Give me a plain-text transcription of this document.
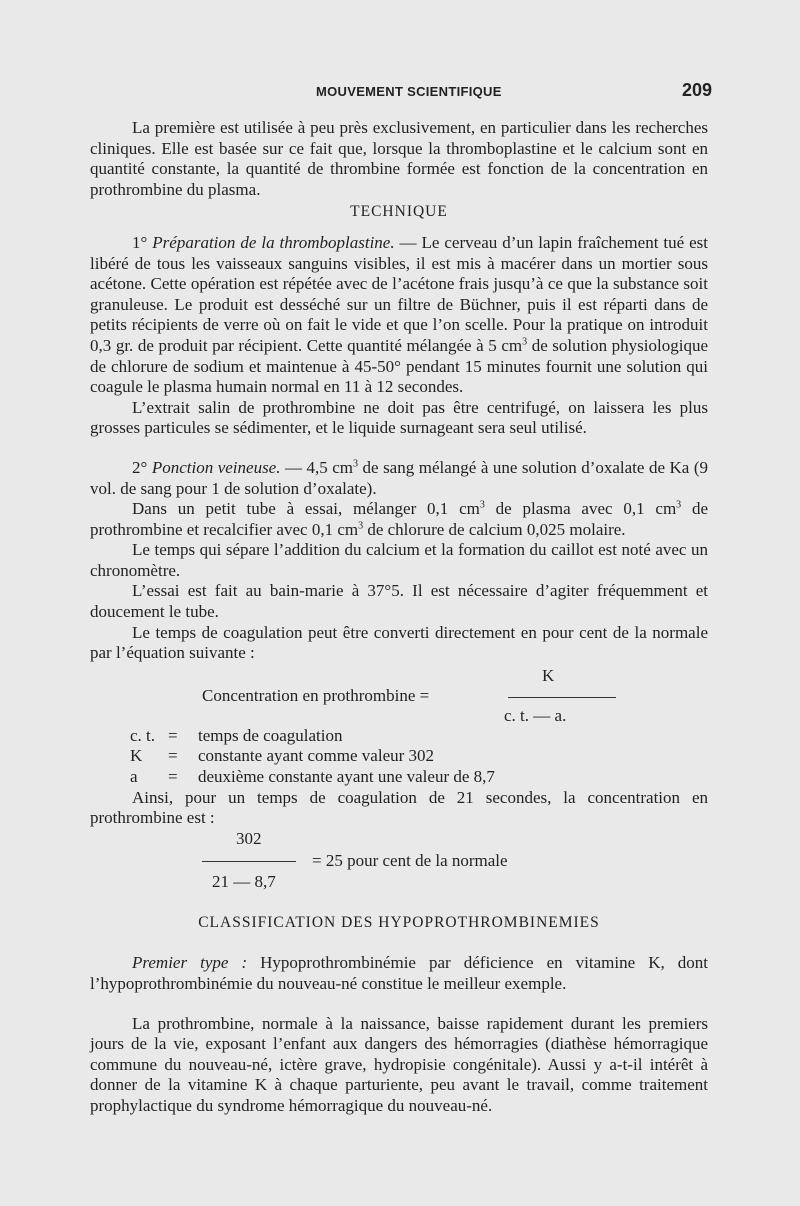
MOUVEMENT SCIENTIFIQUE	209

La première est utilisée à peu près exclusivement, en particulier dans les recherches cliniques. Elle est basée sur ce fait que, lorsque la thromboplastine et le calcium sont en quantité constante, la quantité de thrombine formée est fonction de la concentration en prothrombine du plasma.

TECHNIQUE

1° Préparation de la thromboplastine. — Le cerveau d’un lapin fraîchement tué est libéré de tous les vaisseaux sanguins visibles, il est mis à macérer dans un mortier sous acétone. Cette opération est répétée avec de l’acétone frais jusqu’à ce que la substance soit granuleuse. Le produit est desséché sur un filtre de Büchner, puis il est réparti dans de petits récipients de verre où on fait le vide et que l’on scelle. Pour la pratique on introduit 0,3 gr. de produit par récipient. Cette quantité mélangée à 5 $cm^3$ de solution physiologique de chlorure de sodium et maintenue à 45-50° pendant 15 minutes fournit une solution qui coagule le plasma humain normal en 11 à 12 secondes.

L’extrait salin de prothrombine ne doit pas être centrifugé, on laissera les plus grosses particules se sédimenter, et le liquide surnageant sera seul utilisé.

2° Ponction veineuse. — 4,5 $cm^3$ de sang mélangé à une solution d’oxalate de Ka (9 vol. de sang pour 1 de solution d’oxalate).

Dans un petit tube à essai, mélanger 0,1 $cm^3$ de plasma avec 0,1 $cm^3$ de prothrombine et recalcifier avec 0,1 $cm^3$ de chlorure de calcium 0,025 molaire.

Le temps qui sépare l’addition du calcium et la formation du caillot est noté avec un chronomètre.

L’essai est fait au bain-marie à 37°5. Il est nécessaire d’agiter fréquemment et doucement le tube.

Le temps de coagulation peut être converti directement en pour cent de la normale par l’équation suivante :

K
Concentration en prothrombine =
c. t. — a.
c. t. =	temps de coagulation
K	=	constante ayant comme valeur 302
a	=	deuxième constante ayant une valeur de 8,7

Ainsi, pour un temps de coagulation de 21 secondes, la concentration en prothrombine est :

302
= 25 pour cent de la normale
21 — 8,7
CLASSIFICATION DES HYPOPROTHROMBINEMIES

Premier type : Hypoprothrombinémie par déficience en vitamine K, dont l’hypoprothrombinémie du nouveau-né constitue le meilleur exemple.

La prothrombine, normale à la naissance, baisse rapidement durant les premiers jours de la vie, exposant l’enfant aux dangers des hémorragies (diathèse hémorragique commune du nouveau-né, ictère grave, hydropisie congénitale). Aussi y a-t-il intérêt à donner de la vitamine K à chaque parturiente, peu avant le travail, comme traitement prophylactique du syndrome hémorragique du nouveau-né.
